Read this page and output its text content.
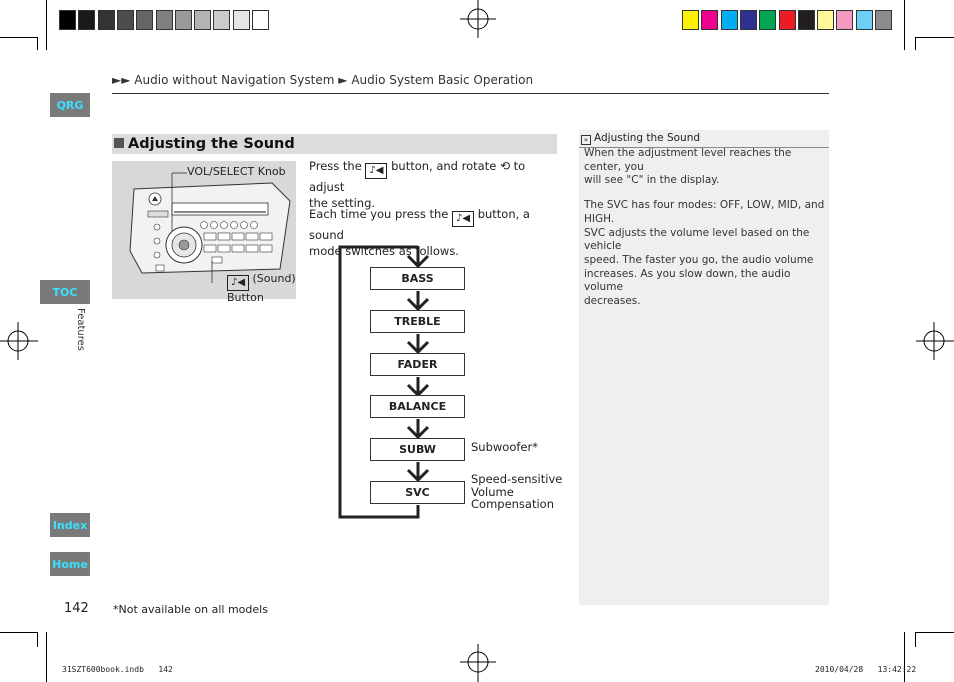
QRG
TOC
Index
Home
Features
►► Audio without Navigation System ► Audio System Basic Operation
Adjusting the Sound
VOL/SELECT Knob
♪◀ (Sound)
Button
Press the ♪◀ button, and rotate ⟲ to adjust
the setting.
Each time you press the ♪◀ button, a sound
mode switches as follows.
BASS
TREBLE
FADER
BALANCE
SUBW
SVC
Subwoofer*
Speed-sensitive
Volume
Compensation
» Adjusting the Sound
When the adjustment level reaches the center, you
will see "C" in the display.
The SVC has four modes: OFF, LOW, MID, and
HIGH.
SVC adjusts the volume level based on the vehicle
speed. The faster you go, the audio volume
increases. As you slow down, the audio volume
decreases.
142 *Not available on all models
31SZT600book.indb 142	2010/04/28 13:42:22
